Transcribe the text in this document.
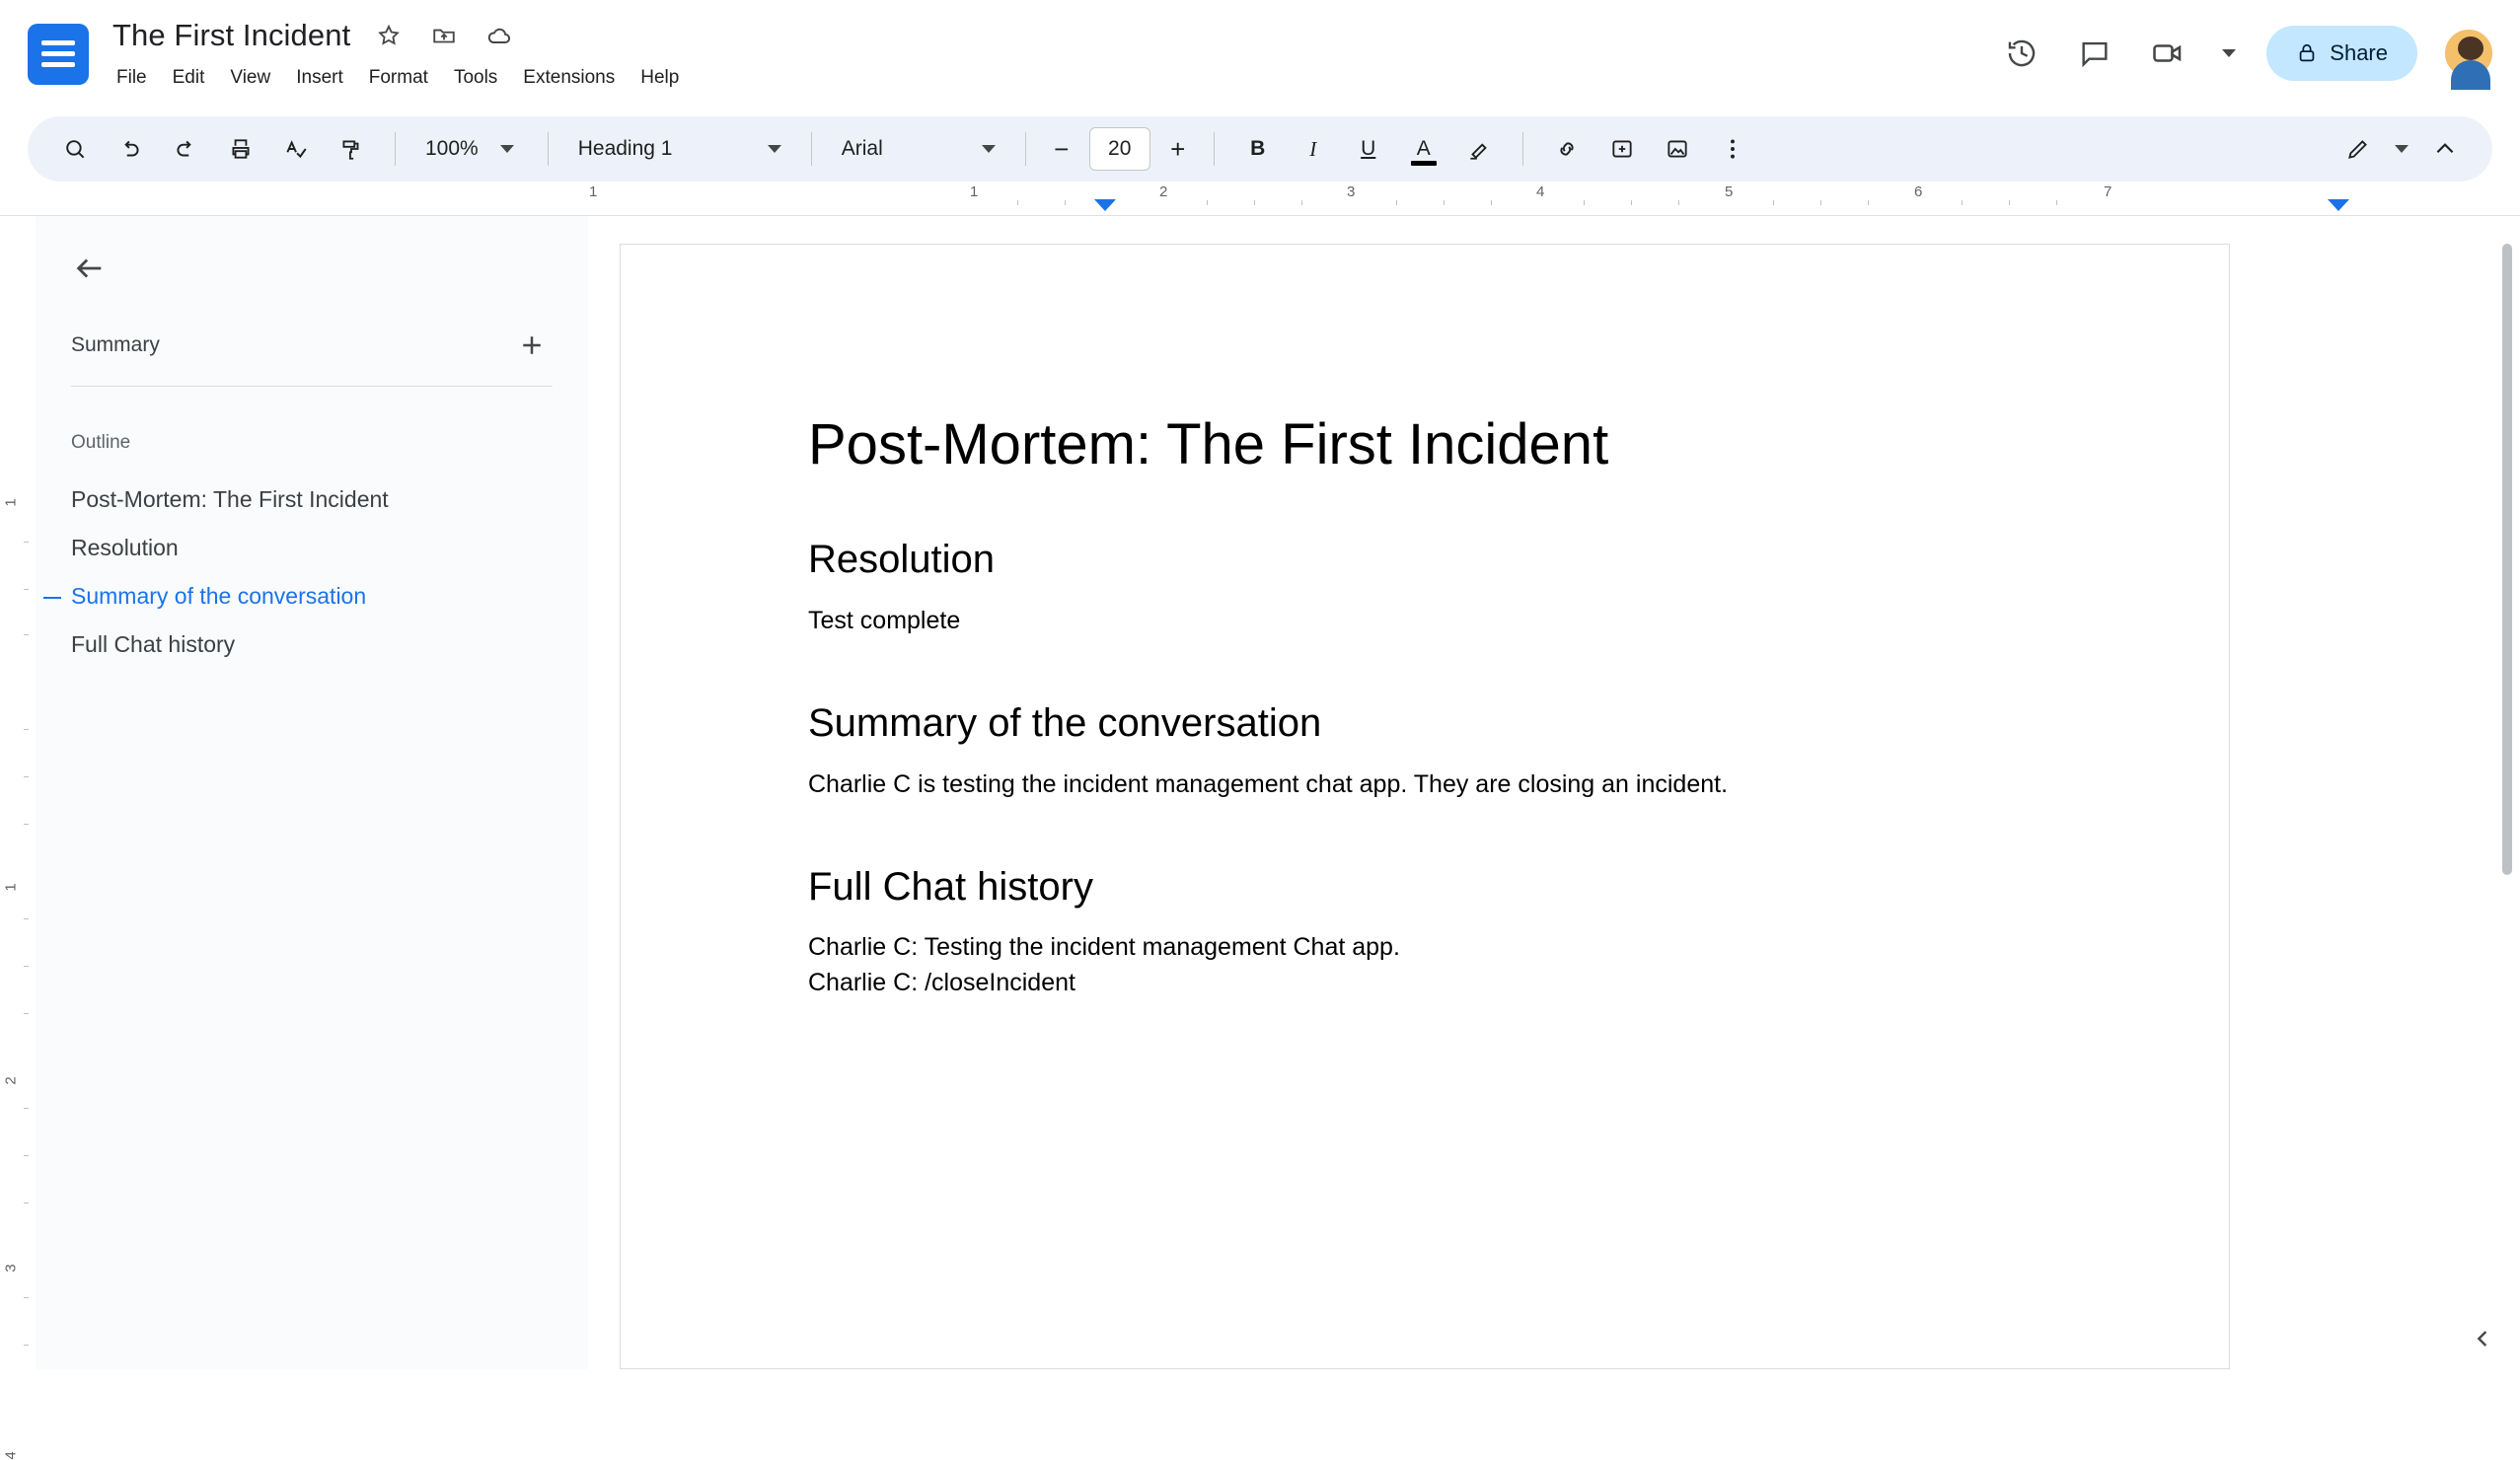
The First Incident
File	Edit	View	Insert	Format	Tools	Extensions	Help
Share
100%	Heading 1	Arial	−	20	+	B	I	U	A
1	1	2	3	4	5	6	7
1
1
2
3
4
Summary
Outline
Post-Mortem: The First Incident
Resolution
Summary of the conversation
Full Chat history
Post-Mortem: The First Incident
Resolution
Test complete
Summary of the conversation
Charlie C is testing the incident management chat app. They are closing an incident.
Full Chat history
Charlie C: Testing the incident management Chat app.
Charlie C: /closeIncident
